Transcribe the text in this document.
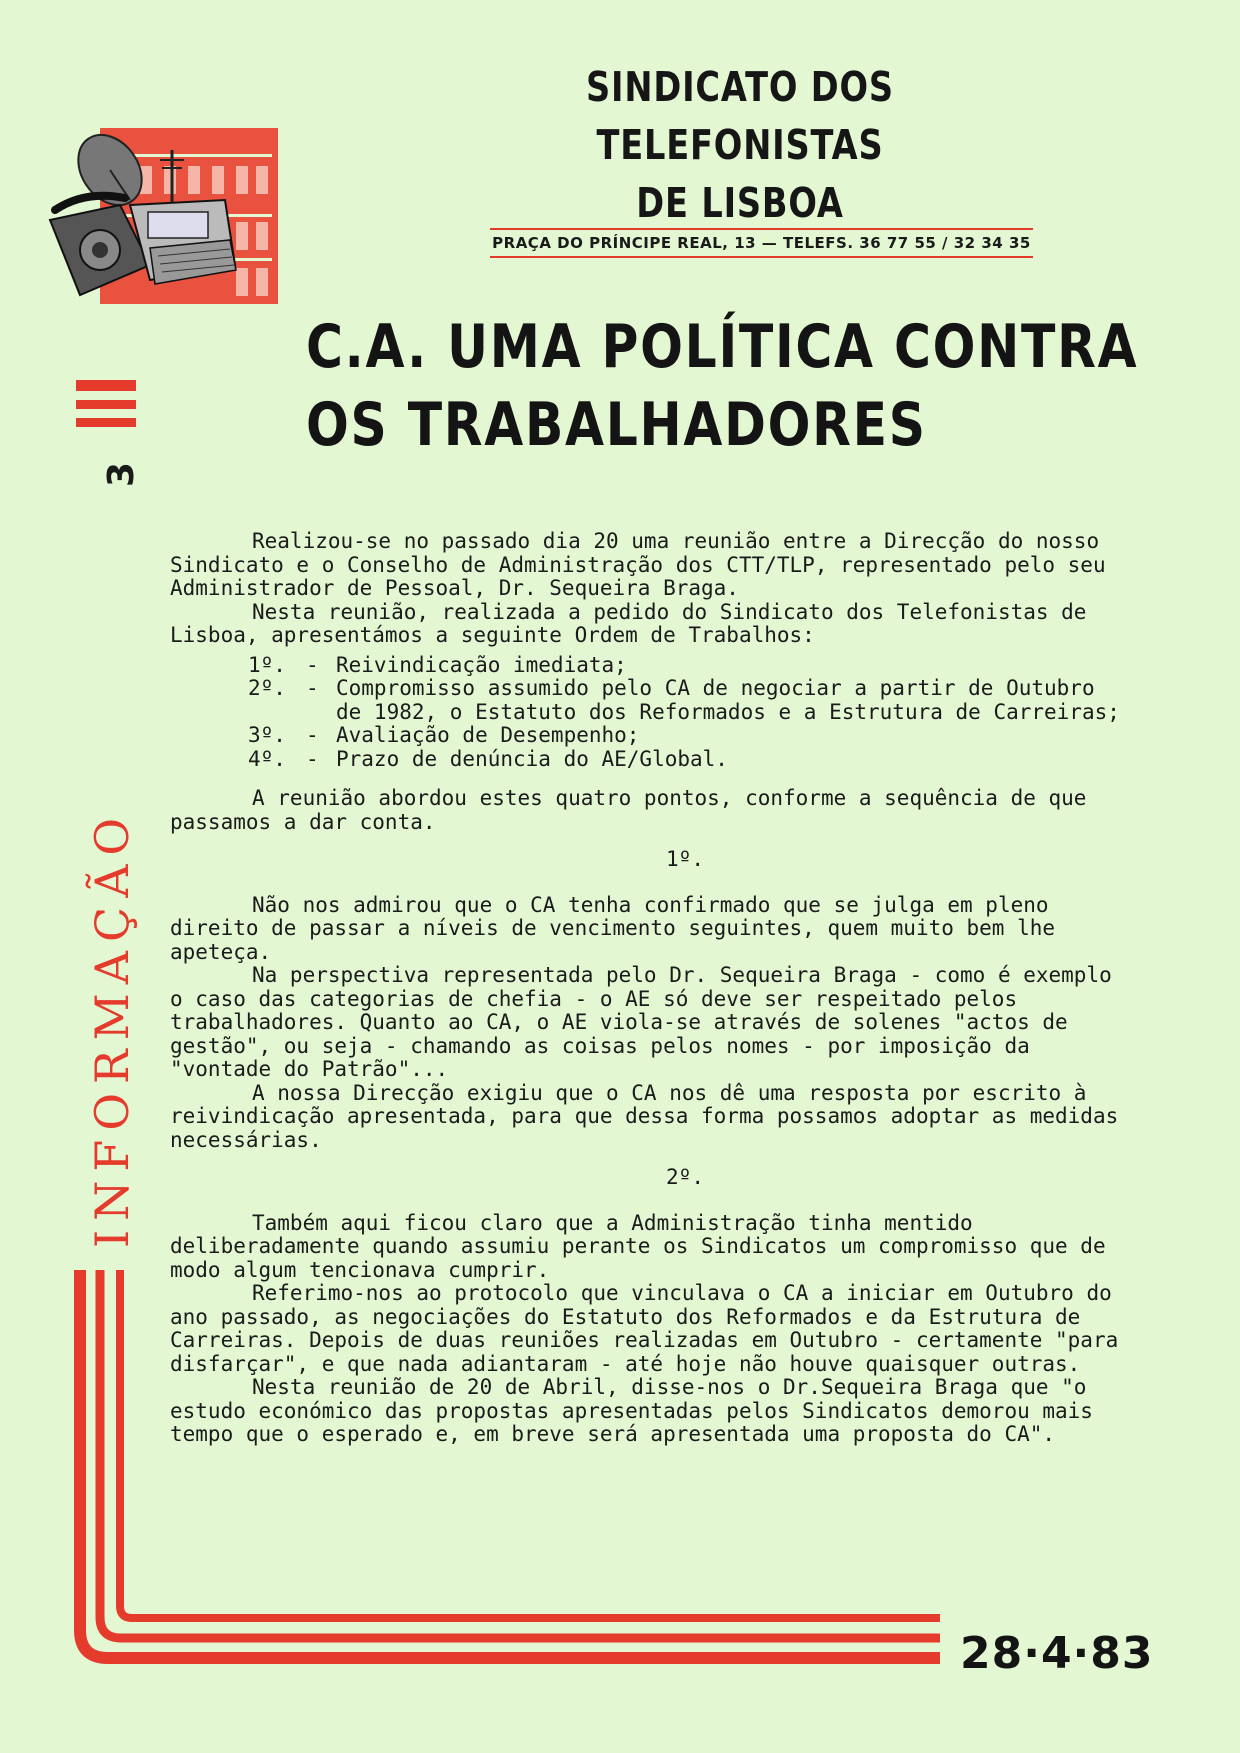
SINDICATO DOS TELEFONISTAS
DE LISBOA
PRAÇA DO PRÍNCIPE REAL, 13 — TELEFS. 36 77 55 / 32 34 35
C.A. UMA POLÍTICA CONTRA
OS TRABALHADORES
3
INFORMAÇÃO

Realizou-se no passado dia 20 uma reunião entre a Direcção do nosso Sindicato e o Conselho de Administração dos CTT/TLP, representado pelo seu Administrador de Pessoal, Dr. Sequeira Braga.

Nesta reunião, realizada a pedido do Sindicato dos Telefonistas de Lisboa, apresentámos a seguinte Ordem de Trabalhos:

1º. - Reivindicação imediata;
2º. - Compromisso assumido pelo CA de negociar a partir de Outubro de 1982, o Estatuto dos Reformados e a Estrutura de Carreiras;
3º. - Avaliação de Desempenho;
4º. - Prazo de denúncia do AE/Global.

A reunião abordou estes quatro pontos, conforme a sequência de que passamos a dar conta.

1º.

Não nos admirou que o CA tenha confirmado que se julga em pleno direito de passar a níveis de vencimento seguintes, quem muito bem lhe apeteça.

Na perspectiva representada pelo Dr. Sequeira Braga - como é exemplo o caso das categorias de chefia - o AE só deve ser respeitado pelos trabalhadores. Quanto ao CA, o AE viola-se através de solenes "actos de gestão", ou seja - chamando as coisas pelos nomes - por imposição da "vontade do Patrão"...

A nossa Direcção exigiu que o CA nos dê uma resposta por escrito à reivindicação apresentada, para que dessa forma possamos adoptar as medidas necessárias.

2º.

Também aqui ficou claro que a Administração tinha mentido deliberadamente quando assumiu perante os Sindicatos um compromisso que de modo algum tencionava cumprir.

Referimo-nos ao protocolo que vinculava o CA a iniciar em Outubro do ano passado, as negociações do Estatuto dos Reformados e da Estrutura de Carreiras. Depois de duas reuniões realizadas em Outubro - certamente "para disfarçar", e que nada adiantaram - até hoje não houve quaisquer outras.

Nesta reunião de 20 de Abril, disse-nos o Dr.Sequeira Braga que "o estudo económico das propostas apresentadas pelos Sindicatos demorou mais tempo que o esperado e, em breve será apresentada uma proposta do CA".

28·4·83
